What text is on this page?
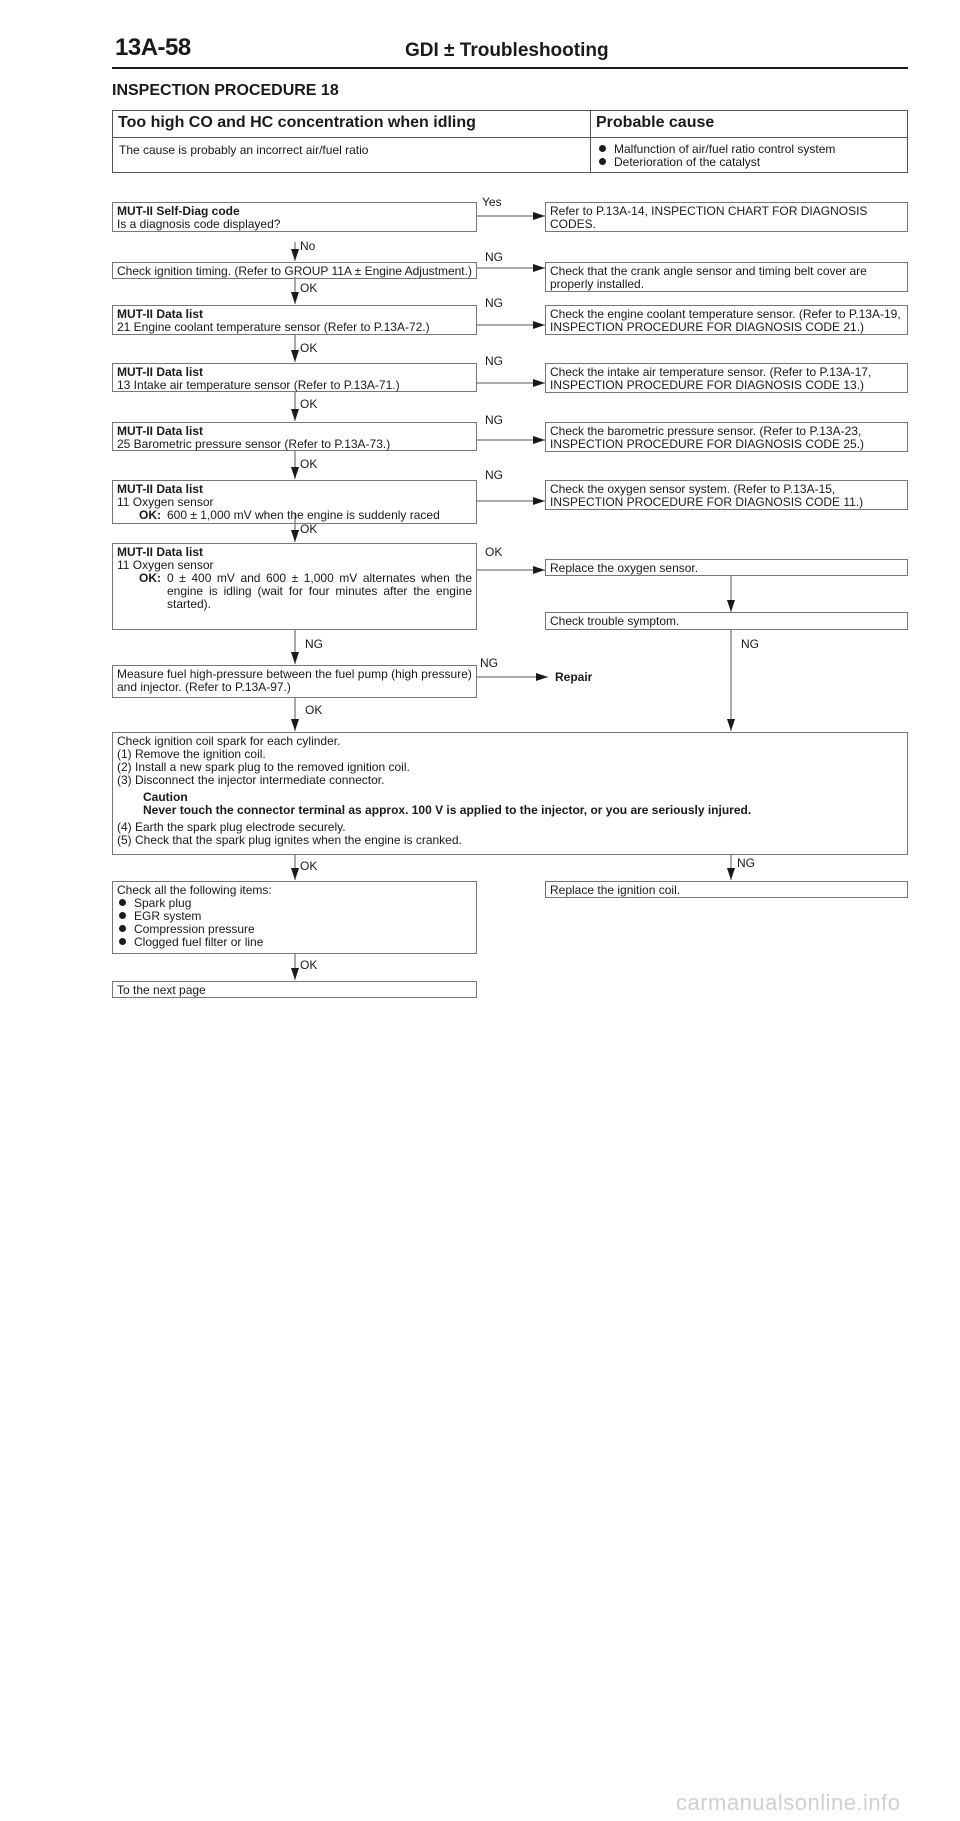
13A-58	GDI ± Troubleshooting
INSPECTION PROCEDURE 18
Too high CO and HC concentration when idling	Probable cause
The cause is probably an incorrect air/fuel ratio	Malfunction of air/fuel ratio control system
Deterioration of the catalyst
MUT-II Self-Diag code
Is a diagnosis code displayed?
Yes
Refer to P.13A-14, INSPECTION CHART FOR DIAGNOSIS CODES.
No
Check ignition timing. (Refer to GROUP 11A ± Engine Adjustment.)
NG
Check that the crank angle sensor and timing belt cover are properly installed.
OK
MUT-II Data list
21 Engine coolant temperature sensor (Refer to P.13A-72.)
NG
Check the engine coolant temperature sensor. (Refer to P.13A-19, INSPECTION PROCEDURE FOR DIAGNOSIS CODE 21.)
OK
MUT-II Data list
13 Intake air temperature sensor (Refer to P.13A-71.)
NG
Check the intake air temperature sensor. (Refer to P.13A-17, INSPECTION PROCEDURE FOR DIAGNOSIS CODE 13.)
OK
MUT-II Data list
25 Barometric pressure sensor (Refer to P.13A-73.)
NG
Check the barometric pressure sensor. (Refer to P.13A-23, INSPECTION PROCEDURE FOR DIAGNOSIS CODE 25.)
OK
MUT-II Data list
11 Oxygen sensor
OK: 600 ± 1,000 mV when the engine is suddenly raced
NG
Check the oxygen sensor system. (Refer to P.13A-15, INSPECTION PROCEDURE FOR DIAGNOSIS CODE 11.)
OK
MUT-II Data list
11 Oxygen sensor
OK: 0 ± 400 mV and 600 ± 1,000 mV alternates when the engine is idling (wait for four minutes after the engine started).
OK
Replace the oxygen sensor.
Check trouble symptom.
NG	NG
Measure fuel high-pressure between the fuel pump (high pressure) and injector. (Refer to P.13A-97.)
NG
Repair
OK
Check ignition coil spark for each cylinder.
(1) Remove the ignition coil.
(2) Install a new spark plug to the removed ignition coil.
(3) Disconnect the injector intermediate connector.
Caution
Never touch the connector terminal as approx. 100 V is applied to the injector, or you are seriously injured.
(4) Earth the spark plug electrode securely.
(5) Check that the spark plug ignites when the engine is cranked.
OK	NG
Replace the ignition coil.
Check all the following items:
Spark plug
EGR system
Compression pressure
Clogged fuel filter or line
OK
To the next page
carmanualsonline.info
